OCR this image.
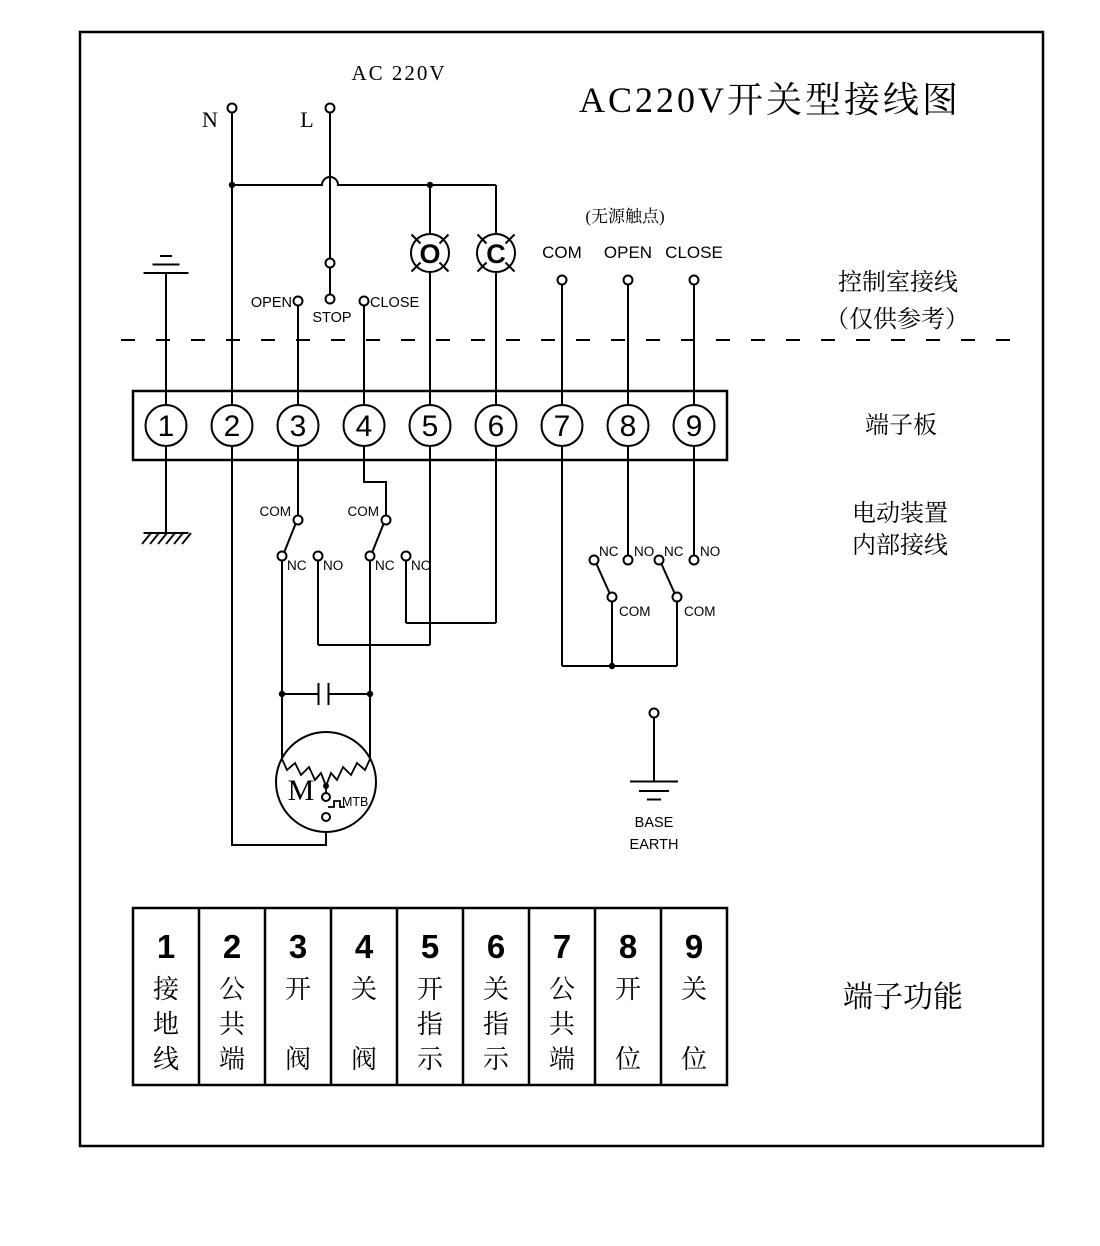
O C
1 2 3 4 5 6 7 8 9
M MTB
1 2 3 4 5 6 7 8 9
接
地
线
公
共
端
开
阀
关
阀
开
指
示
关
指
示
公
共
端
开
位
关
位
AC 220V
N	L	AC220V开关型接线图
(无源触点)
COM OPEN CLOSE
控制室接线
（仅供参考）
端子板
电动装置
内部接线
端子功能
OPEN
STOP
CLOSE
COM
NC NO
COM
NC NO
NC NO
COM
NC NO
COM
BASE
EARTH
